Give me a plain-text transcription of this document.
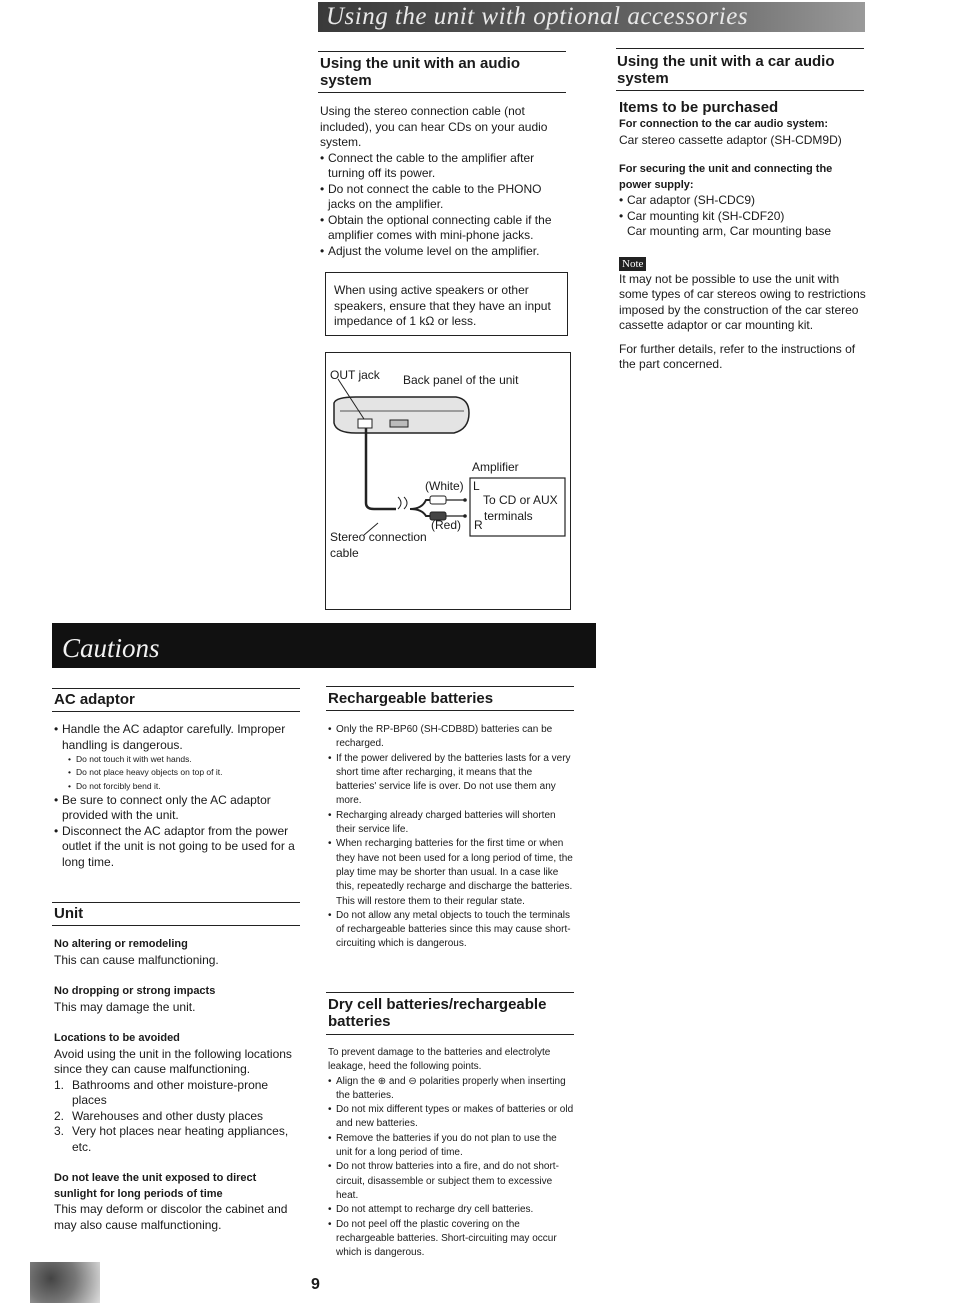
Using the unit with optional accessories
Using the unit with an audio system

Using the stereo connection cable (not included), you can hear CDs on your audio system.

• Connect the cable to the amplifier after turning off its power.
• Do not connect the cable to the PHONO jacks on the amplifier.
• Obtain the optional connecting cable if the amplifier comes with mini-phone jacks.
• Adjust the volume level on the amplifier.

When using active speakers or other speakers, ensure that they have an input impedance of 1 kΩ or less.

OUT jack Back panel of the unit
Amplifier
(White)
(Red)
L
R
To CD or AUX
terminals
Stereo connection
cable
Using the unit with a car audio system

Items to be purchased

For connection to the car audio system:

Car stereo cassette adaptor (SH-CDM9D)

For securing the unit and connecting the power supply:

• Car adaptor (SH-CDC9)
• Car mounting kit (SH-CDF20)

Car mounting arm, Car mounting base

Note

It may not be possible to use the unit with some types of car stereos owing to restrictions imposed by the construction of the car stereo cassette adaptor or car mounting kit.

For further details, refer to the instructions of the part concerned.

Cautions
AC adaptor
• Handle the AC adaptor carefully. Improper handling is dangerous.
• Do not touch it with wet hands.
• Do not place heavy objects on top of it.
• Do not forcibly bend it.
• Be sure to connect only the AC adaptor provided with the unit.
• Disconnect the AC adaptor from the power outlet if the unit is not going to be used for a long time.
Unit

No altering or remodeling

This can cause malfunctioning.

No dropping or strong impacts

This may damage the unit.

Locations to be avoided

Avoid using the unit in the following locations since they can cause malfunctioning.

1. Bathrooms and other moisture-prone places
2. Warehouses and other dusty places
3. Very hot places near heating appliances, etc.

Do not leave the unit exposed to direct sunlight for long periods of time

This may deform or discolor the cabinet and may also cause malfunctioning.

Rechargeable batteries
• Only the RP-BP60 (SH-CDB8D) batteries can be recharged.
• If the power delivered by the batteries lasts for a very short time after recharging, it means that the batteries' service life is over. Do not use them any more.
• Recharging already charged batteries will shorten their service life.
• When recharging batteries for the first time or when they have not been used for a long period of time, the play time may be shorter than usual. In a case like this, repeatedly recharge and discharge the batteries. This will restore them to their regular state.
• Do not allow any metal objects to touch the terminals of rechargeable batteries since this may cause short-circuiting which is dangerous.
Dry cell batteries/rechargeable batteries

To prevent damage to the batteries and electrolyte leakage, heed the following points.

• Align the ⊕ and ⊖ polarities properly when inserting the batteries.
• Do not mix different types or makes of batteries or old and new batteries.
• Remove the batteries if you do not plan to use the unit for a long period of time.
• Do not throw batteries into a fire, and do not short-circuit, disassemble or subject them to excessive heat.
• Do not attempt to recharge dry cell batteries.
• Do not peel off the plastic covering on the rechargeable batteries. Short-circuiting may occur which is dangerous.
9
